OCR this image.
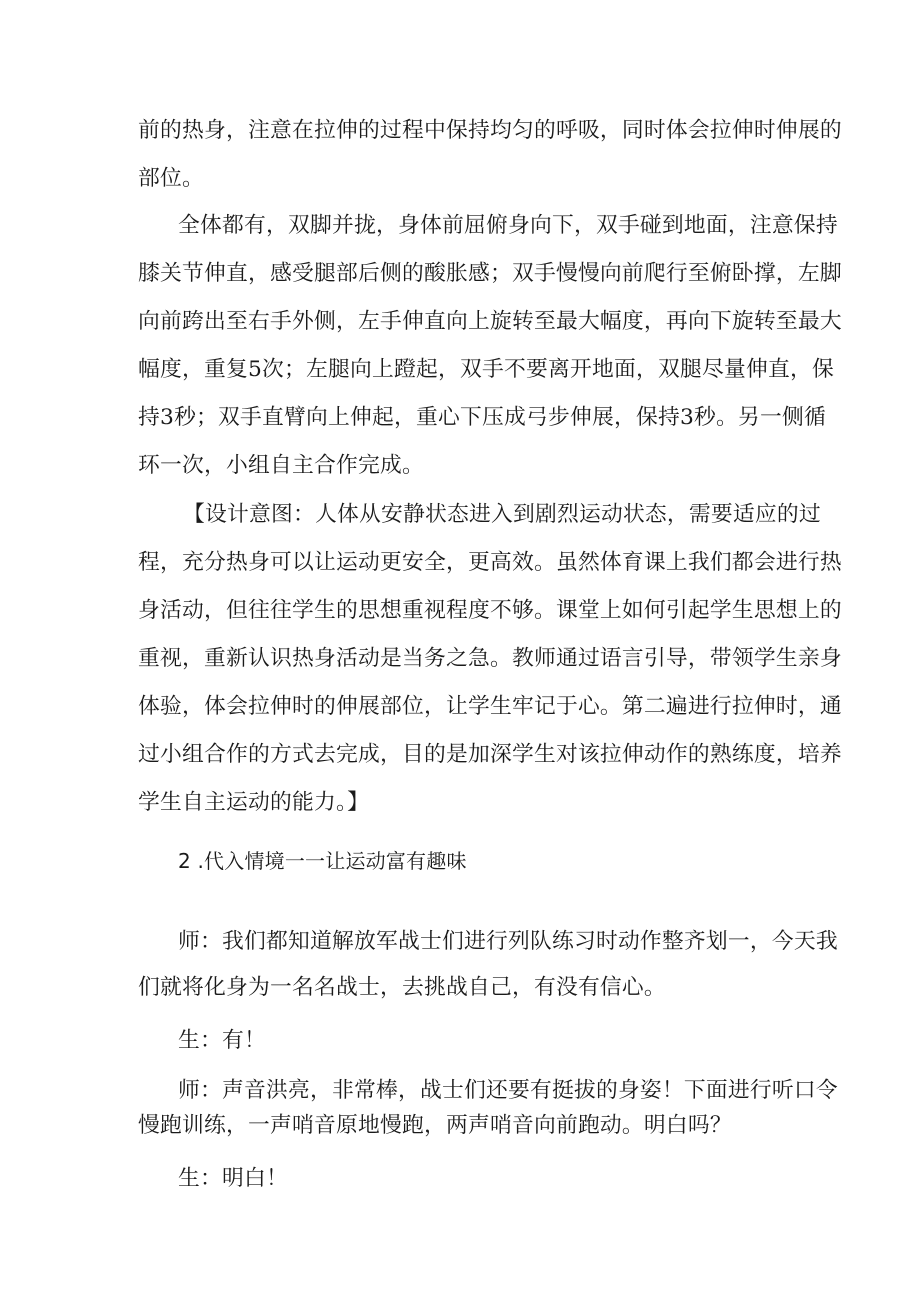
前的热身，注意在拉伸的过程中保持均匀的呼吸，同时体会拉伸时伸展的
部位。
全体都有，双脚并拢，身体前屈俯身向下，双手碰到地面，注意保持
膝关节伸直，感受腿部后侧的酸胀感；双手慢慢向前爬行至俯卧撑，左脚
向前跨出至右手外侧，左手伸直向上旋转至最大幅度，再向下旋转至最大
幅度，重复5次；左腿向上蹬起，双手不要离开地面，双腿尽量伸直，保
持3秒；双手直臂向上伸起，重心下压成弓步伸展，保持3秒。另一侧循
环一次，小组自主合作完成。
【设计意图：人体从安静状态进入到剧烈运动状态，需要适应的过
程，充分热身可以让运动更安全，更高效。虽然体育课上我们都会进行热
身活动，但往往学生的思想重视程度不够。课堂上如何引起学生思想上的
重视，重新认识热身活动是当务之急。教师通过语言引导，带领学生亲身
体验，体会拉伸时的伸展部位，让学生牢记于心。第二遍进行拉伸时，通
过小组合作的方式去完成，目的是加深学生对该拉伸动作的熟练度，培养
学生自主运动的能力。】
2 .代入情境一一让运动富有趣味
师：我们都知道解放军战士们进行列队练习时动作整齐划一，今天我
们就将化身为一名名战士，去挑战自己，有没有信心。
生：有！
师：声音洪亮，非常棒，战士们还要有挺拔的身姿！下面进行听口令
慢跑训练，一声哨音原地慢跑，两声哨音向前跑动。明白吗？
生：明白！
